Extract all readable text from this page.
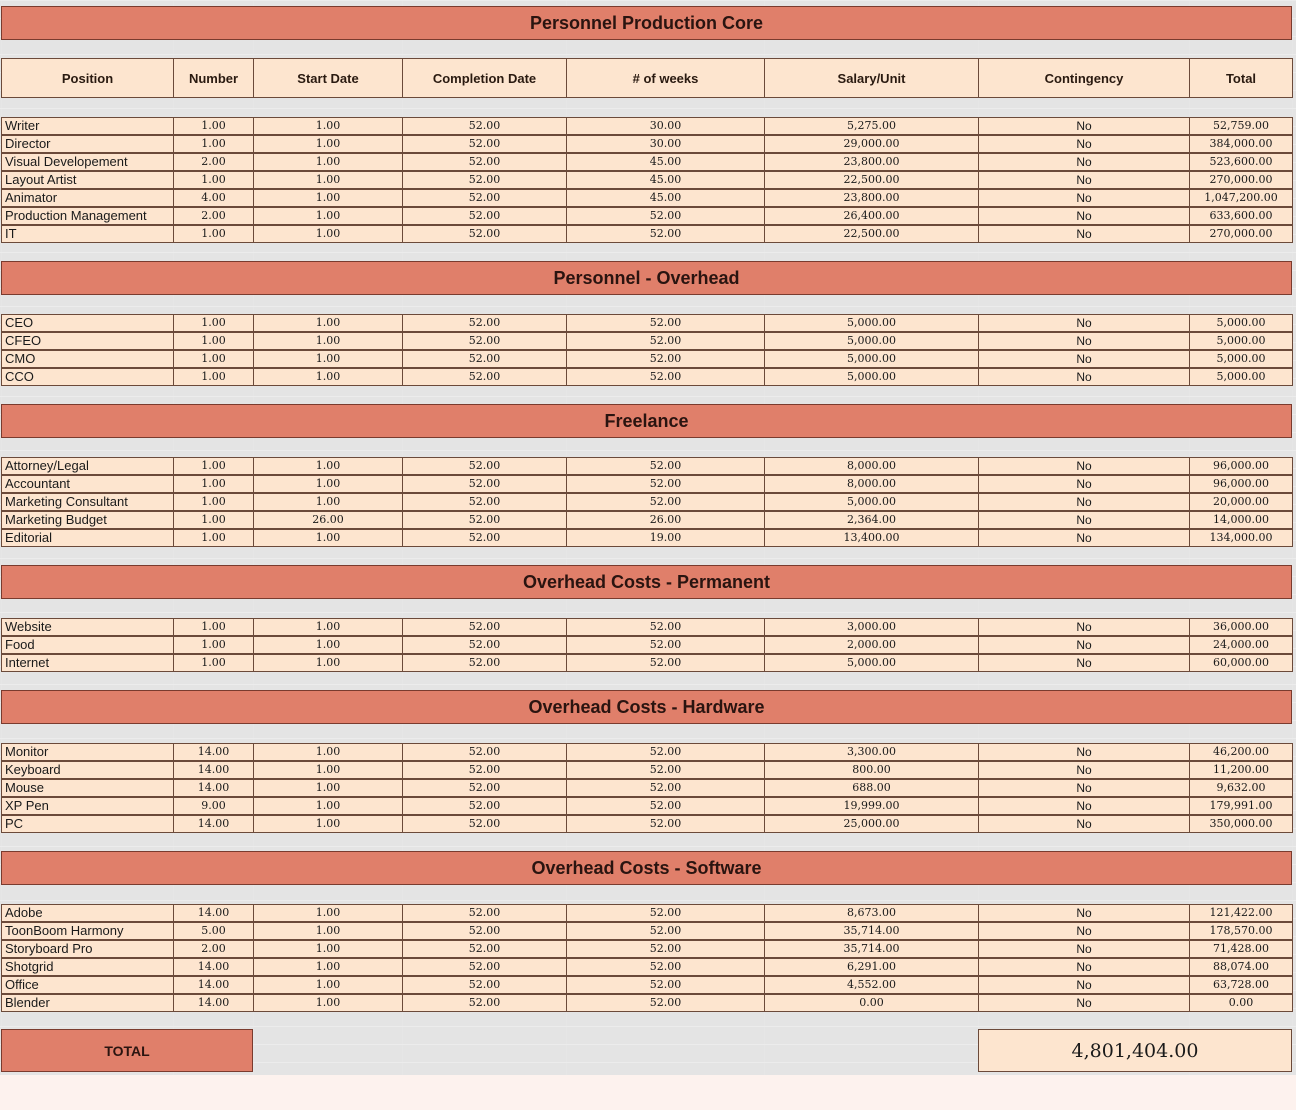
Personnel Production Core
Position	Number	Start Date	Completion Date	# of weeks	Salary/Unit	Contingency	Total
Writer	1.00	1.00	52.00	30.00	5,275.00	No	52,759.00
Director	1.00	1.00	52.00	30.00	29,000.00	No	384,000.00
Visual Developement	2.00	1.00	52.00	45.00	23,800.00	No	523,600.00
Layout Artist	1.00	1.00	52.00	45.00	22,500.00	No	270,000.00
Animator	4.00	1.00	52.00	45.00	23,800.00	No	1,047,200.00
Production Management	2.00	1.00	52.00	52.00	26,400.00	No	633,600.00
IT	1.00	1.00	52.00	52.00	22,500.00	No	270,000.00
Personnel - Overhead
CEO	1.00	1.00	52.00	52.00	5,000.00	No	5,000.00
CFEO	1.00	1.00	52.00	52.00	5,000.00	No	5,000.00
CMO	1.00	1.00	52.00	52.00	5,000.00	No	5,000.00
CCO	1.00	1.00	52.00	52.00	5,000.00	No	5,000.00
Freelance
Attorney/Legal	1.00	1.00	52.00	52.00	8,000.00	No	96,000.00
Accountant	1.00	1.00	52.00	52.00	8,000.00	No	96,000.00
Marketing Consultant	1.00	1.00	52.00	52.00	5,000.00	No	20,000.00
Marketing Budget	1.00	26.00	52.00	26.00	2,364.00	No	14,000.00
Editorial	1.00	1.00	52.00	19.00	13,400.00	No	134,000.00
Overhead Costs - Permanent
Website	1.00	1.00	52.00	52.00	3,000.00	No	36,000.00
Food	1.00	1.00	52.00	52.00	2,000.00	No	24,000.00
Internet	1.00	1.00	52.00	52.00	5,000.00	No	60,000.00
Overhead Costs - Hardware
Monitor	14.00	1.00	52.00	52.00	3,300.00	No	46,200.00
Keyboard	14.00	1.00	52.00	52.00	800.00	No	11,200.00
Mouse	14.00	1.00	52.00	52.00	688.00	No	9,632.00
XP Pen	9.00	1.00	52.00	52.00	19,999.00	No	179,991.00
PC	14.00	1.00	52.00	52.00	25,000.00	No	350,000.00
Overhead Costs - Software
Adobe	14.00	1.00	52.00	52.00	8,673.00	No	121,422.00
ToonBoom Harmony	5.00	1.00	52.00	52.00	35,714.00	No	178,570.00
Storyboard Pro	2.00	1.00	52.00	52.00	35,714.00	No	71,428.00
Shotgrid	14.00	1.00	52.00	52.00	6,291.00	No	88,074.00
Office	14.00	1.00	52.00	52.00	4,552.00	No	63,728.00
Blender	14.00	1.00	52.00	52.00	0.00	No	0.00
TOTAL	4,801,404.00
